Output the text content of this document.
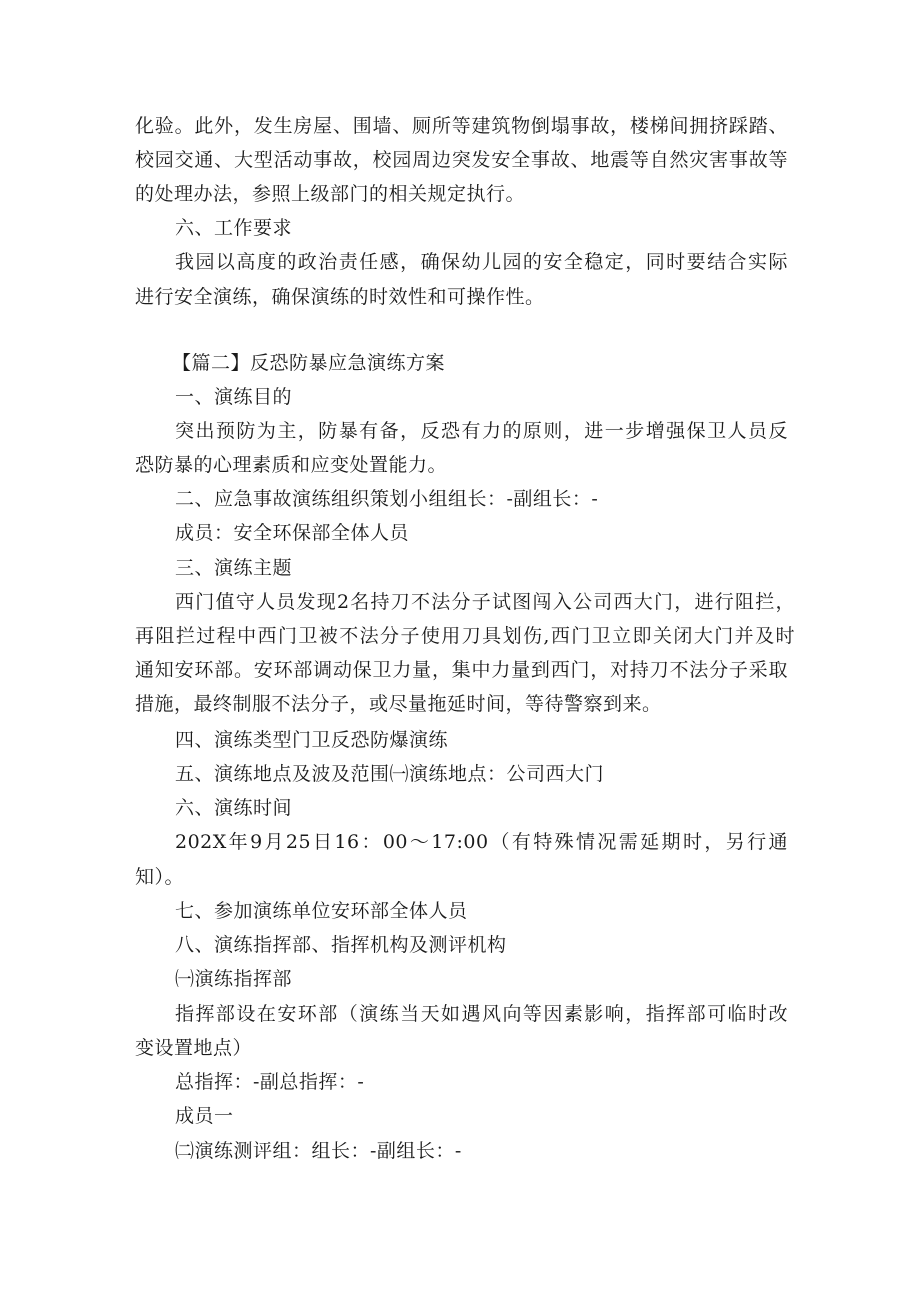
化验。此外，发生房屋、围墙、厕所等建筑物倒塌事故，楼梯间拥挤踩踏、
校园交通、大型活动事故，校园周边突发安全事故、地震等自然灾害事故等
的处理办法，参照上级部门的相关规定执行。
六、工作要求
我园以高度的政治责任感，确保幼儿园的安全稳定，同时要结合实际
进行安全演练，确保演练的时效性和可操作性。
【篇二】反恐防暴应急演练方案
一、演练目的
突出预防为主，防暴有备，反恐有力的原则，进一步增强保卫人员反
恐防暴的心理素质和应变处置能力。
二、应急事故演练组织策划小组组长：-副组长：-
成员：安全环保部全体人员
三、演练主题
西门值守人员发现2名持刀不法分子试图闯入公司西大门，进行阻拦，
再阻拦过程中西门卫被不法分子使用刀具划伤,西门卫立即关闭大门并及时
通知安环部。安环部调动保卫力量，集中力量到西门，对持刀不法分子采取
措施，最终制服不法分子，或尽量拖延时间，等待警察到来。
四、演练类型门卫反恐防爆演练
五、演练地点及波及范围㈠演练地点：公司西大门
六、演练时间
202X年9月25日16：00～17:00（有特殊情况需延期时，另行通
知）。
七、参加演练单位安环部全体人员
八、演练指挥部、指挥机构及测评机构
㈠演练指挥部
指挥部设在安环部（演练当天如遇风向等因素影响，指挥部可临时改
变设置地点）
总指挥：-副总指挥：-
成员一
㈡演练测评组：组长：-副组长：-
